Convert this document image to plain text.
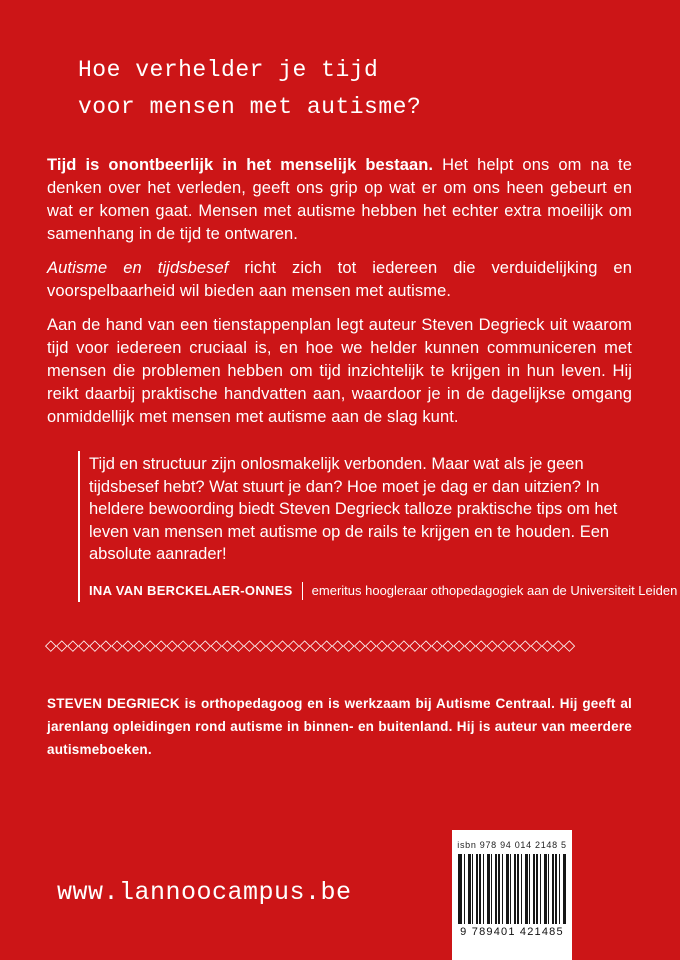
Hoe verhelder je tijd
voor mensen met autisme?

Tijd is onontbeerlijk in het menselijk bestaan. Het helpt ons om na te denken over het verleden, geeft ons grip op wat er om ons heen gebeurt en wat er komen gaat. Mensen met autisme hebben het echter extra moeilijk om samenhang in de tijd te ontwaren.

Autisme en tijdsbesef richt zich tot iedereen die verduidelijking en voorspelbaarheid wil bieden aan mensen met autisme.

Aan de hand van een tienstappenplan legt auteur Steven Degrieck uit waarom tijd voor iedereen cruciaal is, en hoe we helder kunnen communiceren met mensen die problemen hebben om tijd inzichtelijk te krijgen in hun leven. Hij reikt daarbij praktische handvatten aan, waardoor je in de dagelijkse omgang onmiddellijk met mensen met autisme aan de slag kunt.

Tijd en structuur zijn onlosmakelijk verbonden. Maar wat als je geen tijdsbesef hebt? Wat stuurt je dan? Hoe moet je dag er dan uitzien? In heldere bewoording biedt Steven Degrieck talloze praktische tips om het leven van mensen met autisme op de rails te krijgen en te houden. Een absolute aanrader!

INA VAN BERCKELAER-ONNES emeritus hoogleraar othopedagogiek aan de Universiteit Leiden
◇◇◇◇◇◇◇◇◇◇◇◇◇◇◇◇◇◇◇◇◇◇◇◇◇◇◇◇◇◇◇◇◇◇◇◇◇◇◇◇◇◇◇◇◇◇◇◇

STEVEN DEGRIECK is orthopedagoog en is werkzaam bij Autisme Centraal. Hij geeft al jarenlang opleidingen rond autisme in binnen- en buitenland. Hij is auteur van meerdere autismeboeken.

www.lannoocampus.be
isbn 978 94 014 2148 5
9 789401 421485
